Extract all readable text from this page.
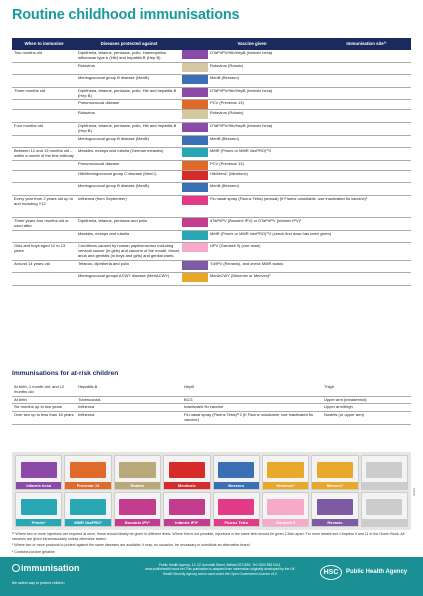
Routine childhood immunisations
When to immunise	Diseases protected against	Vaccine given		Immunisation site¹¹	
Two months old	Diphtheria, tetanus, pertussis, polio, Haemophilus influenzae type b (Hib) and hepatitis B (Hep B)		DTaP/IPV/Hib/HepB (Infanrix hexa)	
	Rotavirus		Rotavirus (Rotarix)	
	Meningococcal group B disease (MenB)		MenB (Bexsero)	
Three months old	Diphtheria, tetanus, pertussis, polio, Hib and hepatitis B (Hep B)		DTaP/IPV/Hib/HepB (Infanrix hexa)	
	Pneumococcal disease		PCV (Prevenar 13)	
	Rotavirus		Rotavirus (Rotarix)	
Four months old	Diphtheria, tetanus, pertussis, polio, Hib and hepatitis B (Hep B)		DTaP/IPV/Hib/HepB (Infanrix hexa)	
	Meningococcal group B disease (MenB)		MenB (Bexsero)	
Between 12 and 13 months old – within a month of the first birthday	Measles, mumps and rubella (German measles)		MMR (Priorix or MMR VaxPRO)¹ˁ2	
	Pneumococcal disease		PCV (Prevenar 13)	
	Hib/Meningococcal group C disease (MenC)		Hib/MenC (Menitorix)	
	Meningococcal group B disease (MenB)		MenB (Bexsero)	
Every year from 2 years old up to and including Y12	Influenza (from September)		Flu nasal spray (Fluenz Tetra) (annual) (If Fluenz unsuitable, use inactivated flu vaccine)¹	
Three years four months old or soon after	Diphtheria, tetanus, pertussis and polio		dTaP/IPV (Boostrix IPV) or DTaP/IPV (Infanrix IPV)¹	
	Measles, mumps and rubella		MMR (Priorix or MMR VaxPRO)¹ˁ2 (check first dose has been given)	
Girls and boys aged 12 to 13 years	Conditions caused by human papillomavirus including cervical cancer (in girls) and cancers of the mouth, throat, anus and genitals (in boys and girls) and genital warts.		HPV (Gardasil 9) (one dose)	
Around 14 years old	Tetanus, diphtheria and polio		Td/IPV (Revaxis), and check MMR status	
	Meningococcal groups ACWY disease (MenACWY)		MenACWY (Nimenrix or Menveo)¹	
Immunisations for at-risk children
At birth, 1 month old, and 12 months old	Hepatitis B	HepB	Thigh
At birth	Tuberculosis	BCG	Upper arm (intradermal)
Six months up to two years	Influenza	Inactivated flu vaccine	Upper arm/thigh
Over two up to less than 18 years	Influenza	Flu nasal spray (Fluenz Tetra)¹ˁ2 (If Fluenz unsuitable, use inactivated flu vaccine)	Nostrils (or upper arm)
Infanrix hexa	Prevenar 13	Rotarix	Menitorix	Bexsero	Nimenrix¹	Menveo¹
Priorix¹	MMR VaxPRO²	Boostrix IPV¹	Infanrix IPV¹	Fluenz Tetra	Gardasil 9	Revaxis

¹¹ Where two or more injections are required at once, these should ideally be given in different limbs. Where this is not possible, injections in the same limb should be given 2.5cm apart. For more details see Chapters 4 and 11 in the Green Book. All vaccines are given intramuscularly unless otherwise stated.

¹ Where two or more products to protect against the same diseases are available, it may, on occasion, be necessary to substitute an alternative brand.

² Contains porcine gelatine

01/24
immunisation
the safest way to protect children
Public Health Agency, 12–22 Linenhall Street, Belfast BT2 8BS. Tel: 0300 555 0114. www.publichealth.hscni.net This publication is adapted from information originally developed by the UK Health Security Agency and is used under the Open Government Licence v3.0	HSC	Public Health Agency
